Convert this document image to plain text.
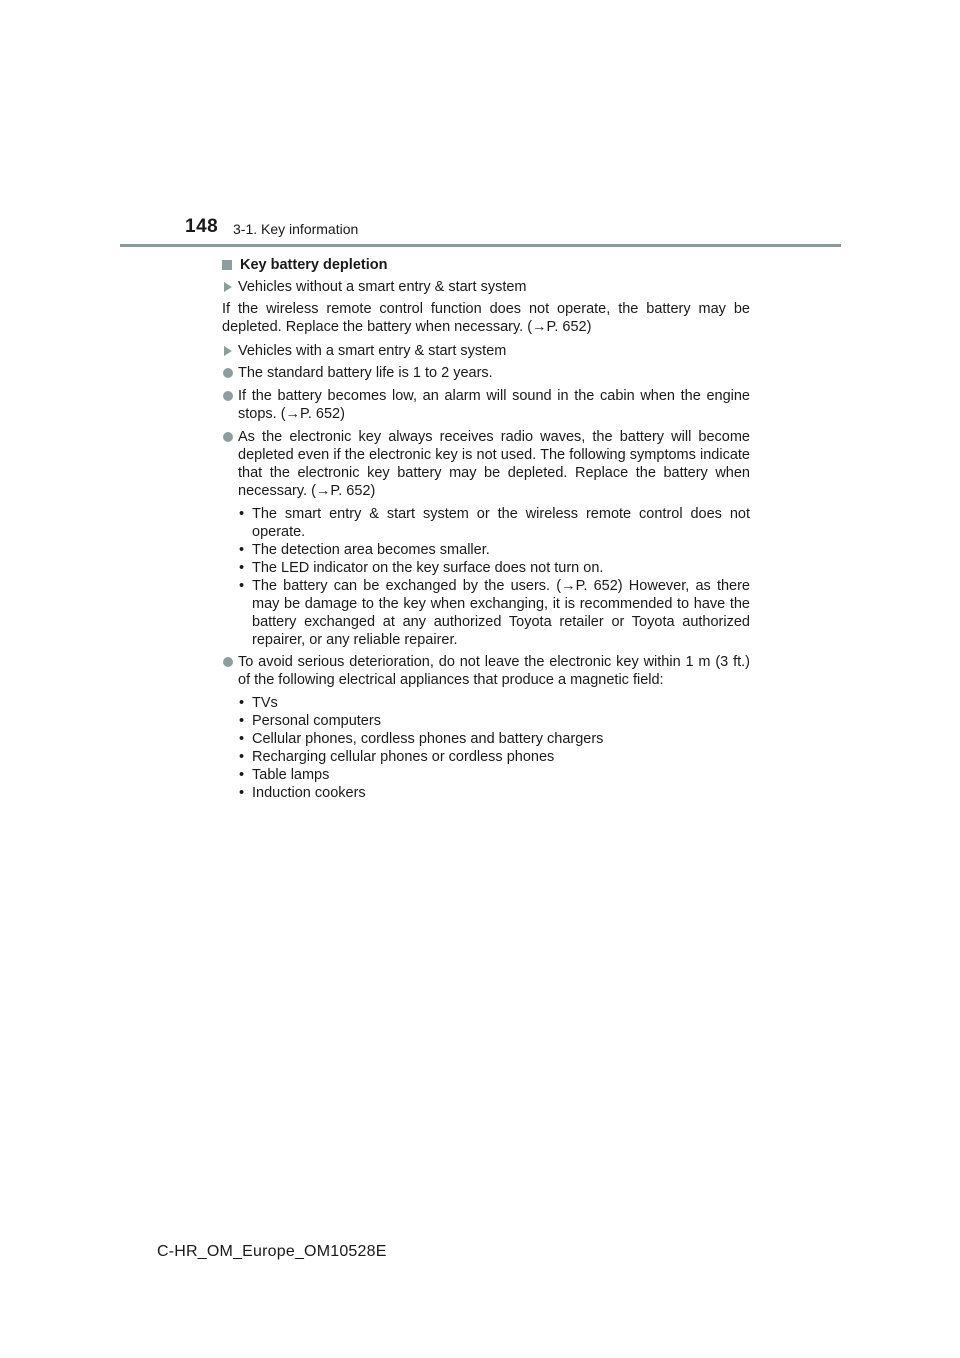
148 3-1. Key information
Key battery depletion
Vehicles without a smart entry & start system

If the wireless remote control function does not operate, the battery may be depleted. Replace the battery when necessary. (→P. 652)

Vehicles with a smart entry & start system
The standard battery life is 1 to 2 years.
If the battery becomes low, an alarm will sound in the cabin when the engine stops. (→P. 652)
As the electronic key always receives radio waves, the battery will become depleted even if the electronic key is not used. The following symptoms indicate that the electronic key battery may be depleted. Replace the battery when necessary. (→P. 652)
• The smart entry & start system or the wireless remote control does not operate.
• The detection area becomes smaller.
• The LED indicator on the key surface does not turn on.
• The battery can be exchanged by the users. (→P. 652) However, as there may be damage to the key when exchanging, it is recommended to have the battery exchanged at any authorized Toyota retailer or Toyota authorized repairer, or any reliable repairer.
To avoid serious deterioration, do not leave the electronic key within 1 m (3 ft.) of the following electrical appliances that produce a magnetic field:
• TVs
• Personal computers
• Cellular phones, cordless phones and battery chargers
• Recharging cellular phones or cordless phones
• Table lamps
• Induction cookers
C-HR_OM_Europe_OM10528E
